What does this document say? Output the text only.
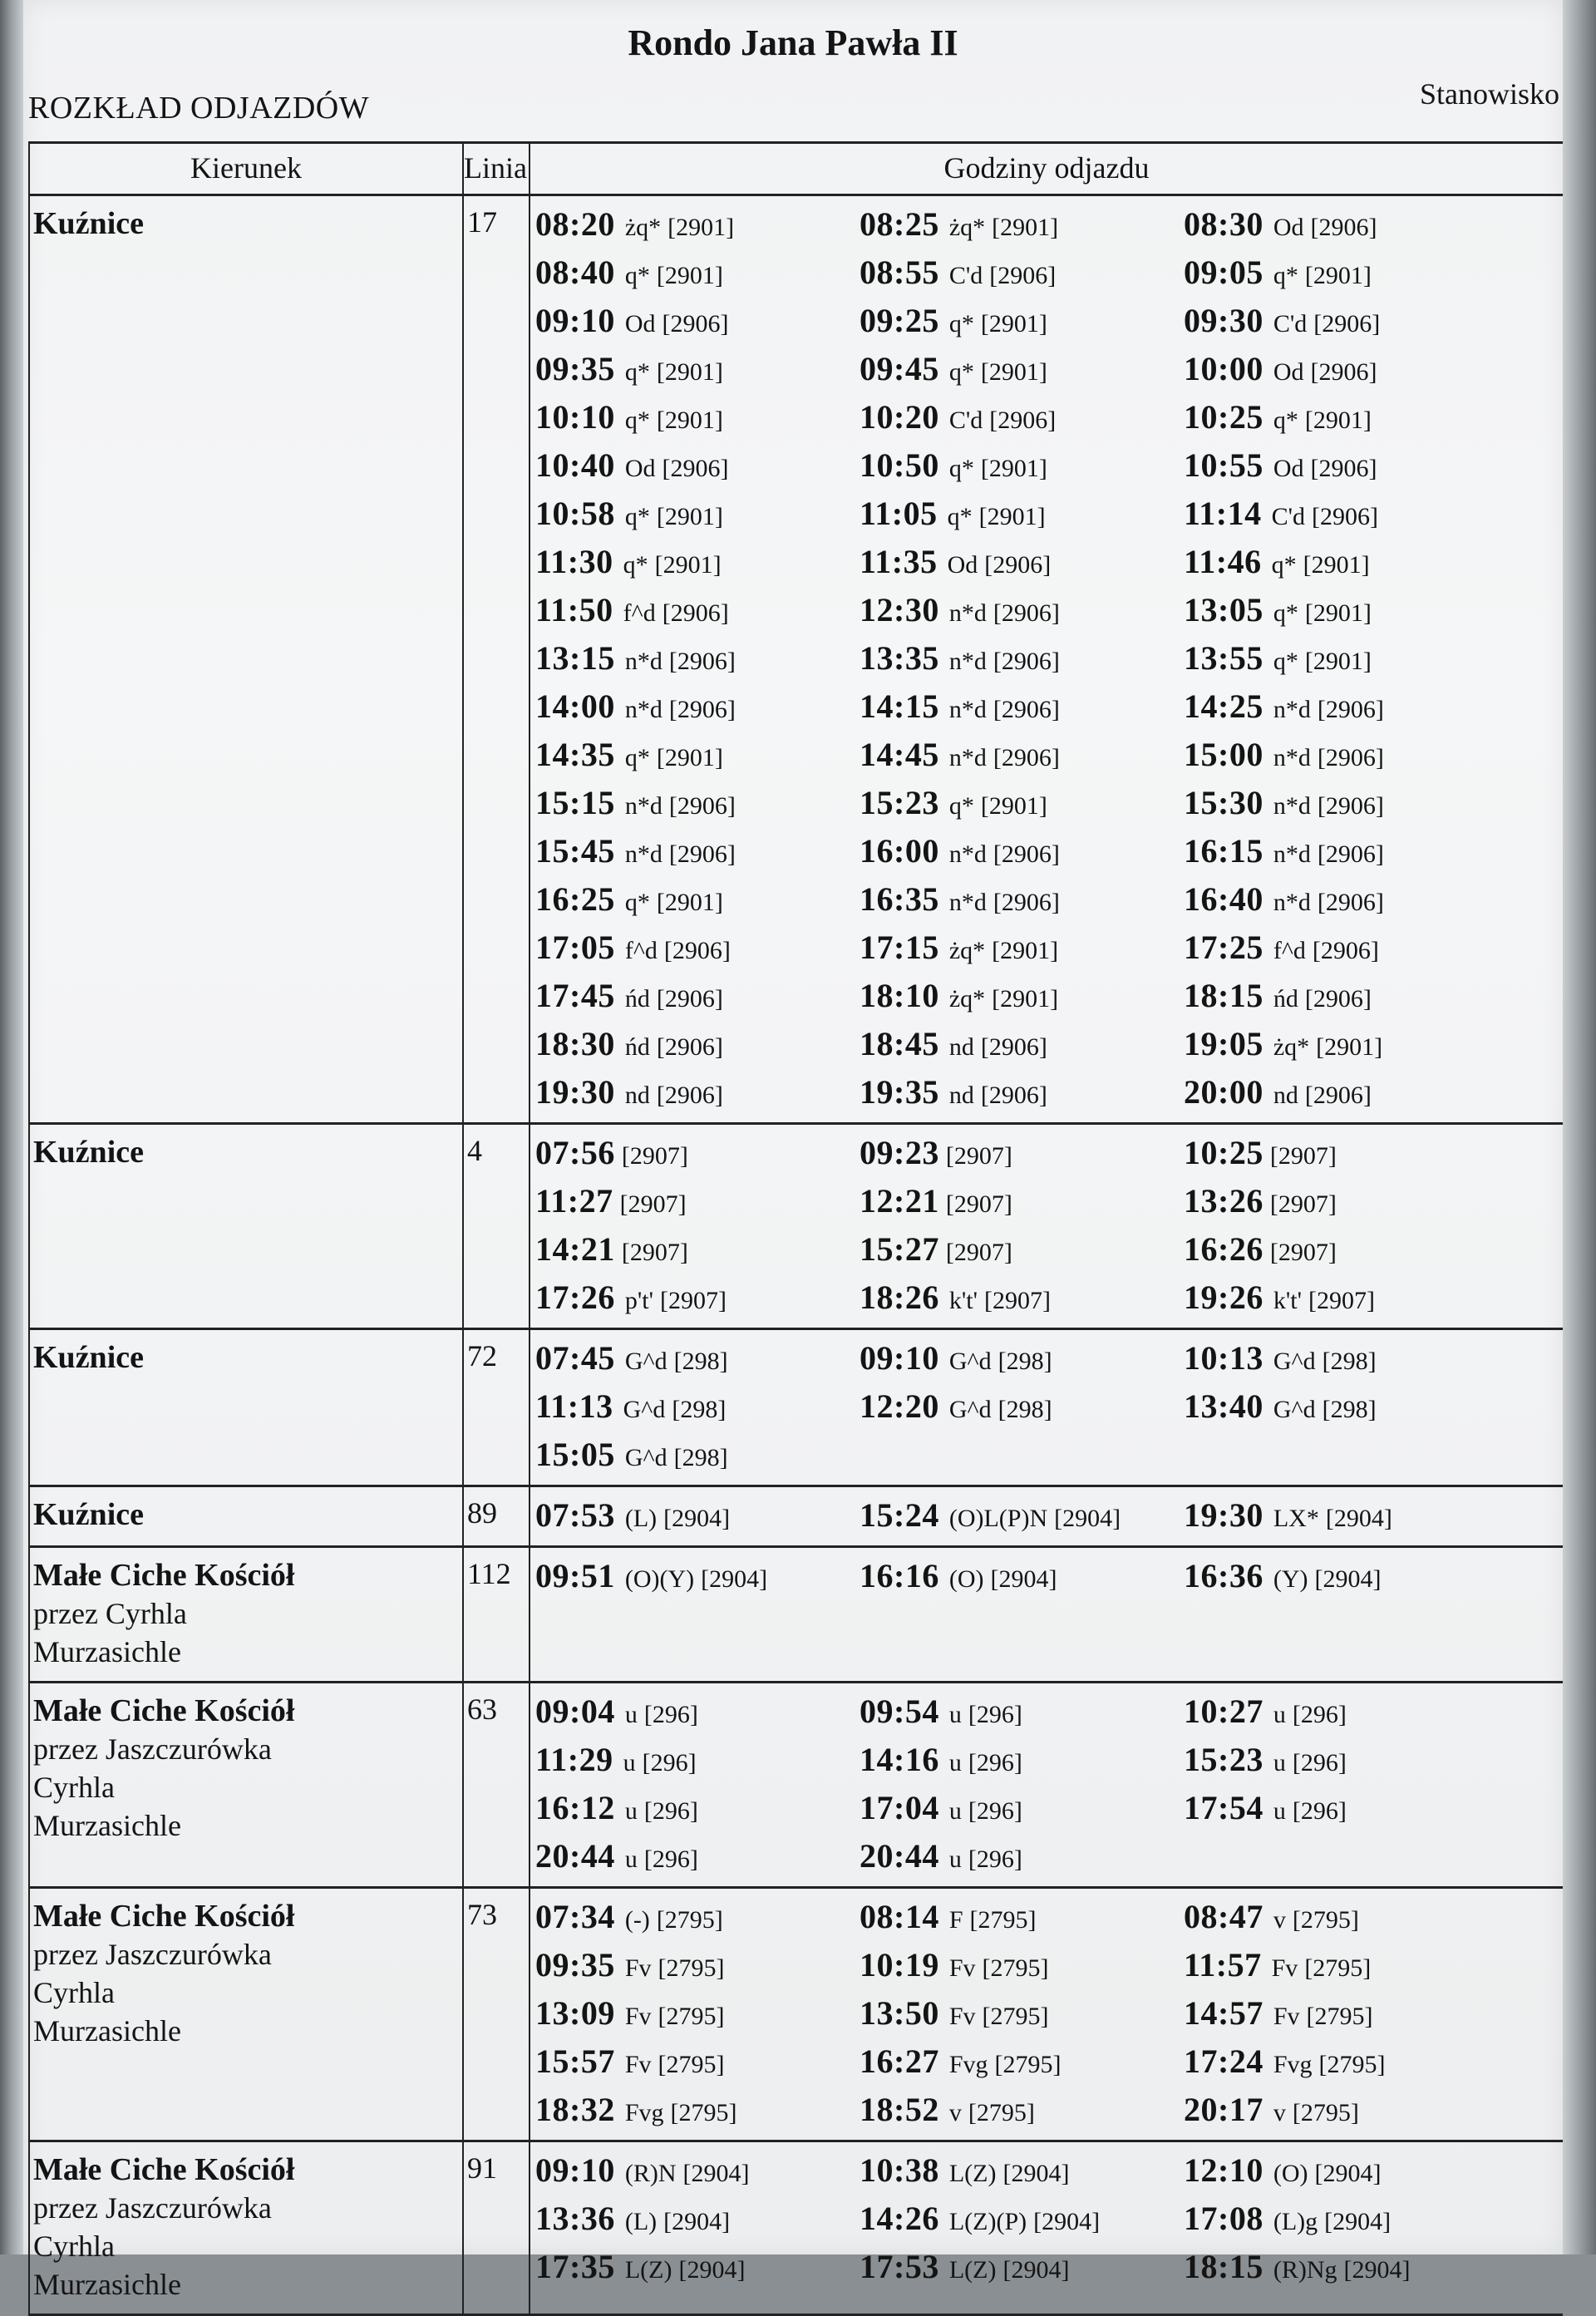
Rondo Jana Pawła II
ROZKŁAD ODJAZDÓW	Stanowisko
Kierunek	Linia	Godziny odjazdu
Kuźnice	17	08:20 żq* [2901]	08:25 żq* [2901]	08:30 Od [2906]
08:40 q* [2901]	08:55 C'd [2906]	09:05 q* [2901]
09:10 Od [2906]	09:25 q* [2901]	09:30 C'd [2906]
09:35 q* [2901]	09:45 q* [2901]	10:00 Od [2906]
10:10 q* [2901]	10:20 C'd [2906]	10:25 q* [2901]
10:40 Od [2906]	10:50 q* [2901]	10:55 Od [2906]
10:58 q* [2901]	11:05 q* [2901]	11:14 C'd [2906]
11:30 q* [2901]	11:35 Od [2906]	11:46 q* [2901]
11:50 f^d [2906]	12:30 n*d [2906]	13:05 q* [2901]
13:15 n*d [2906]	13:35 n*d [2906]	13:55 q* [2901]
14:00 n*d [2906]	14:15 n*d [2906]	14:25 n*d [2906]
14:35 q* [2901]	14:45 n*d [2906]	15:00 n*d [2906]
15:15 n*d [2906]	15:23 q* [2901]	15:30 n*d [2906]
15:45 n*d [2906]	16:00 n*d [2906]	16:15 n*d [2906]
16:25 q* [2901]	16:35 n*d [2906]	16:40 n*d [2906]
17:05 f^d [2906]	17:15 żq* [2901]	17:25 f^d [2906]
17:45 ńd [2906]	18:10 żq* [2901]	18:15 ńd [2906]
18:30 ńd [2906]	18:45 nd [2906]	19:05 żq* [2901]
19:30 nd [2906]	19:35 nd [2906]	20:00 nd [2906]
Kuźnice	4	07:56 [2907]	09:23 [2907]	10:25 [2907]
11:27 [2907]	12:21 [2907]	13:26 [2907]
14:21 [2907]	15:27 [2907]	16:26 [2907]
17:26 p't' [2907]	18:26 k't' [2907]	19:26 k't' [2907]
Kuźnice	72	07:45 G^d [298]	09:10 G^d [298]	10:13 G^d [298]
11:13 G^d [298]	12:20 G^d [298]	13:40 G^d [298]
15:05 G^d [298]
Kuźnice	89	07:53 (L) [2904]	15:24 (O)L(P)N [2904]	19:30 LX* [2904]
Małe Ciche Kościół
przez Cyrhla
Murzasichle
112 09:51 (O)(Y) [2904]	16:16 (O) [2904]	16:36 (Y) [2904]
Małe Ciche Kościół
przez Jaszczurówka
Cyrhla
Murzasichle
63	09:04 u [296]	09:54 u [296]	10:27 u [296]
11:29 u [296]	14:16 u [296]	15:23 u [296]
16:12 u [296]	17:04 u [296]	17:54 u [296]
20:44 u [296]	20:44 u [296]
Małe Ciche Kościół
przez Jaszczurówka
Cyrhla
Murzasichle
73	07:34 (-) [2795]	08:14 F [2795]	08:47 v [2795]
09:35 Fv [2795]	10:19 Fv [2795]	11:57 Fv [2795]
13:09 Fv [2795]	13:50 Fv [2795]	14:57 Fv [2795]
15:57 Fv [2795]	16:27 Fvg [2795]	17:24 Fvg [2795]
18:32 Fvg [2795]	18:52 v [2795]	20:17 v [2795]
Małe Ciche Kościół
przez Jaszczurówka
Cyrhla
Murzasichle
91	09:10 (R)N [2904]	10:38 L(Z) [2904]	12:10 (O) [2904]
13:36 (L) [2904]	14:26 L(Z)(P) [2904]	17:08 (L)g [2904]
17:35 L(Z) [2904]	17:53 L(Z) [2904]	18:15 (R)Ng [2904]
